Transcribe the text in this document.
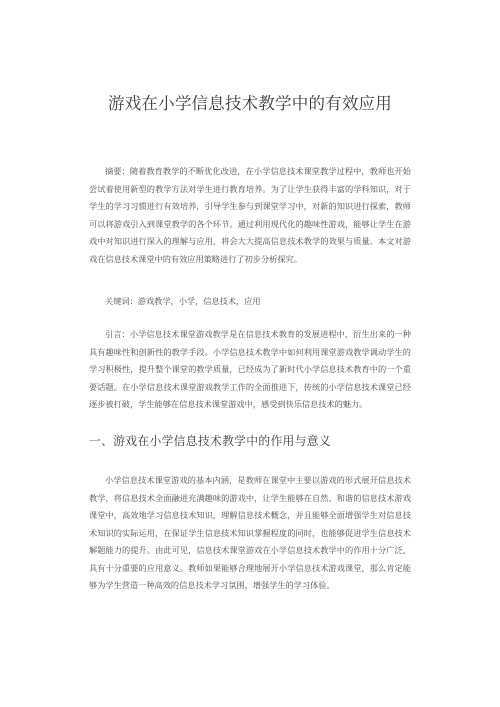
游戏在小学信息技术教学中的有效应用

摘要：随着教育教学的不断优化改进，在小学信息技术课堂教学过程中，教师也开始尝试着使用新型的教学方法对学生进行教育培养。为了让学生获得丰富的学科知识，对于学生的学习习惯进行有效培养，引导学生参与到课堂学习中，对新的知识进行探索，教师可以将游戏引入到课堂教学的各个环节。通过利用现代化的趣味性游戏，能够让学生在游戏中对知识进行深入的理解与应用，将会大大提高信息技术教学的效果与质量。本文对游戏在信息技术课堂中的有效应用策略进行了初步分析探究。

关键词：游戏教学，小学，信息技术，应用

引言：小学信息技术课堂游戏教学是在信息技术教育的发展进程中，衍生出来的一种具有趣味性和创新性的教学手段。小学信息技术教学中如何利用课堂游戏教学调动学生的学习积极性，提升整个课堂的教学质量，已经成为了新时代小学信息技术教育中的一个重要话题。在小学信息技术课堂游戏教学工作的全面推进下，传统的小学信息技术课堂已经逐步被打破，学生能够在信息技术课堂游戏中，感受到快乐信息技术的魅力。

一、游戏在小学信息技术教学中的作用与意义

小学信息技术课堂游戏的基本内涵，是教师在课堂中主要以游戏的形式展开信息技术教学，将信息技术全面融进充满趣味的游戏中，让学生能够在自然、和谐的信息技术游戏课堂中，高效地学习信息技术知识，理解信息技术概念，并且能够全面增强学生对信息技术知识的实际运用，在保证学生信息技术知识掌握程度的同时，也能够促进学生信息技术解题能力的提升。由此可见，信息技术课堂游戏在小学信息技术教学中的作用十分广泛，具有十分重要的应用意义。教师如果能够合理地展开小学信息技术游戏课堂，那么肯定能够为学生营造一种高效的信息技术学习氛围，增强学生的学习体验。
